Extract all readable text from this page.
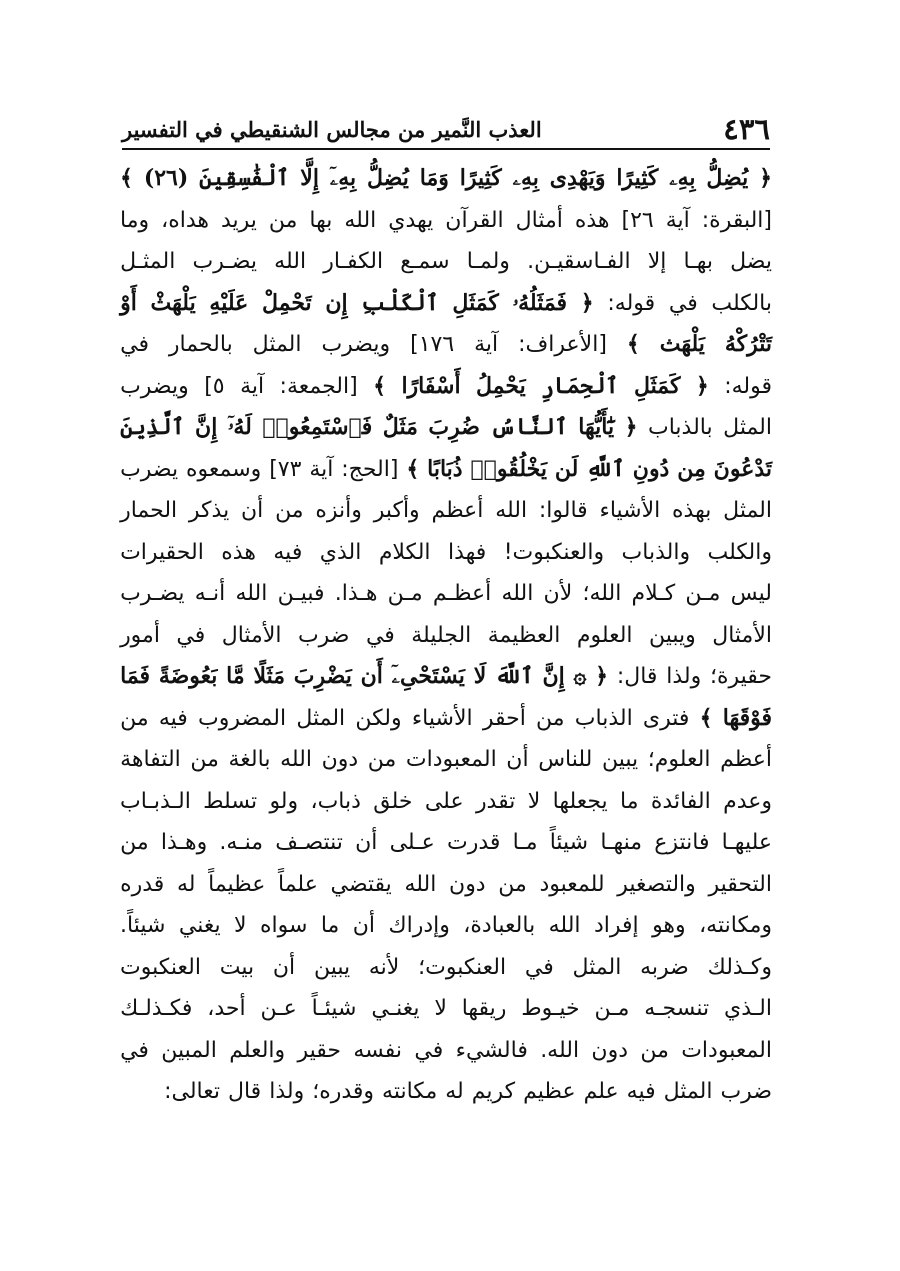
٤٣٦
العذب النَّمير من مجالس الشنقيطي في التفسير
﴿
يُضِلُّ
بِهِۦ
كَثِيرًا
وَيَهْدِى
بِهِۦ
كَثِيرًا
وَمَا
يُضِلُّ
بِهِۦٓ
إِلَّا
ٱلْفَٰسِقِينَ
(٢٦)
﴾
[البقرة:
آية
٢٦]
هذه
أمثال
القرآن
يهدي
الله
بها
من
يريد
هداه،
وما
يضل
بهـا
إلا
الفـاسقيـن.
ولمـا
سمـع
الكفـار
الله
يضـرب
المثـل
بالكلب
في
قوله:
﴿
فَمَثَلُهُۥ
كَمَثَلِ
ٱلْكَلْبِ
إِن
تَحْمِلْ
عَلَيْهِ
يَلْهَثْ
أَوْ
تَتْرُكْهُ
يَلْهَث
﴾
[الأعراف:
آية
١٧٦]
ويضرب
المثل
بالحمار
في
قوله:
﴿
كَمَثَلِ
ٱلْحِمَارِ
يَحْمِلُ
أَسْفَارًا
﴾
[الجمعة:
آية
٥]
ويضرب
المثل
بالذباب
﴿
يَٰٓأَيُّهَا
ٱلنَّاسُ
ضُرِبَ
مَثَلٌ
فَٱسْتَمِعُوا۟
لَهُۥٓ
إِنَّ
ٱلَّذِينَ
تَدْعُونَ
مِن
دُونِ
ٱللَّهِ
لَن
يَخْلُقُوا۟
ذُبَابًا
﴾
[الحج:
آية
٧٣]
وسمعوه
يضرب
المثل
بهذه
الأشياء
قالوا:
الله
أعظم
وأكبر
وأنزه
من
أن
يذكر
الحمار
والكلب
والذباب
والعنكبوت!
فهذا
الكلام
الذي
فيه
هذه
الحقيرات
ليس
مـن
كـلام
الله؛
لأن
الله
أعظـم
مـن
هـذا.
فبيـن
الله
أنـه
يضـرب
الأمثال
ويبين
العلوم
العظيمة
الجليلة
في
ضرب
الأمثال
في
أمور
حقيرة؛
ولذا
قال:
﴿
۞
إِنَّ
ٱللَّهَ
لَا
يَسْتَحْىِۦٓ
أَن
يَضْرِبَ
مَثَلًا
مَّا
بَعُوضَةً
فَمَا
فَوْقَهَا
﴾
فترى
الذباب
من
أحقر
الأشياء
ولكن
المثل
المضروب
فيه
من
أعظم
العلوم؛
يبين
للناس
أن
المعبودات
من
دون
الله
بالغة
من
التفاهة
وعدم
الفائدة
ما
يجعلها
لا
تقدر
على
خلق
ذباب،
ولو
تسلط
الـذبـاب
عليهـا
فانتزع
منهـا
شيئاً
مـا
قدرت
عـلى
أن
تنتصـف
منـه.
وهـذا
من
التحقير
والتصغير
للمعبود
من
دون
الله
يقتضي
علماً
عظيماً
له
قدره
ومكانته،
وهو
إفراد
الله
بالعبادة،
وإدراك
أن
ما
سواه
لا
يغني
شيئاً.
وكـذلك
ضربه
المثل
في
العنكبوت؛
لأنه
يبين
أن
بيت
العنكبوت
الـذي
تنسجـه
مـن
خيـوط
ريقها
لا
يغنـي
شيئـاً
عـن
أحد،
فكـذلـك
المعبودات
من
دون
الله.
فالشيء
في
نفسه
حقير
والعلم
المبين
في
ضرب
المثل
فيه
علم
عظيم
كريم
له
مكانته
وقدره؛
ولذا
قال
تعالى:
